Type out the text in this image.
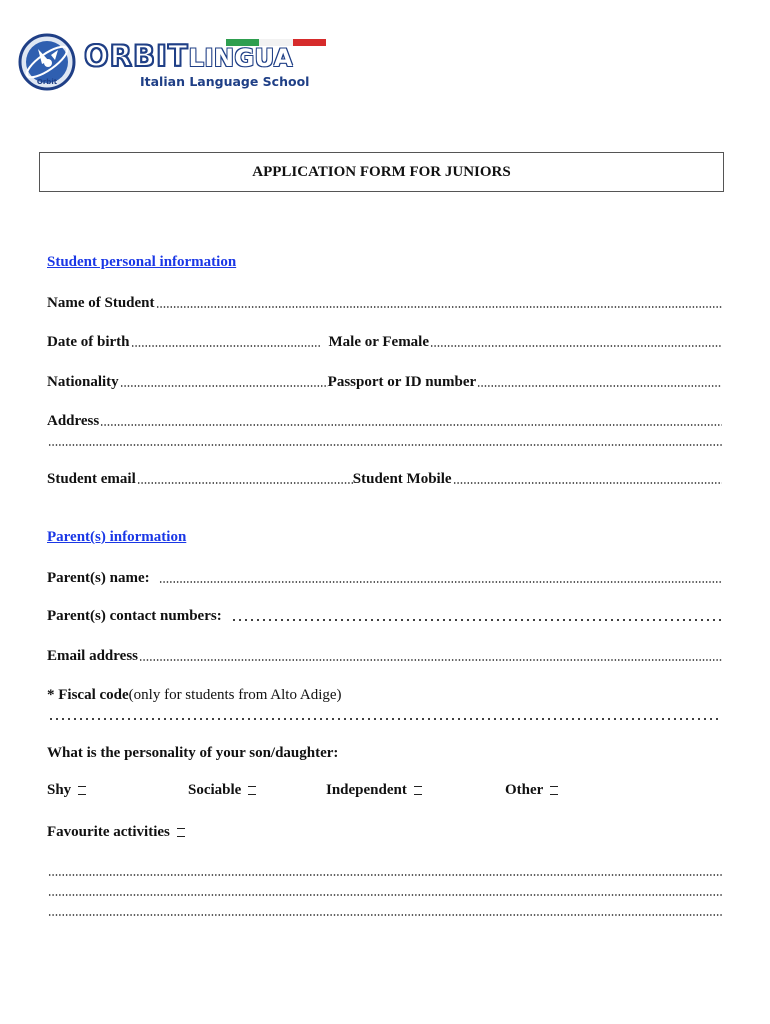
Orbit
ORBITLINGUA
Italian Language School
APPLICATION FORM FOR JUNIORS
Student personal information
Name of Student
Date of birth	Male or Female
Nationality	Passport or ID number
Address
Student email	Student Mobile
Parent(s) information
Parent(s) name:
Parent(s) contact numbers:
Email address
* Fiscal code (only for students from Alto Adige)
What is the personality of your son/daughter:
Shy	Sociable	Independent	Other
Favourite activities
